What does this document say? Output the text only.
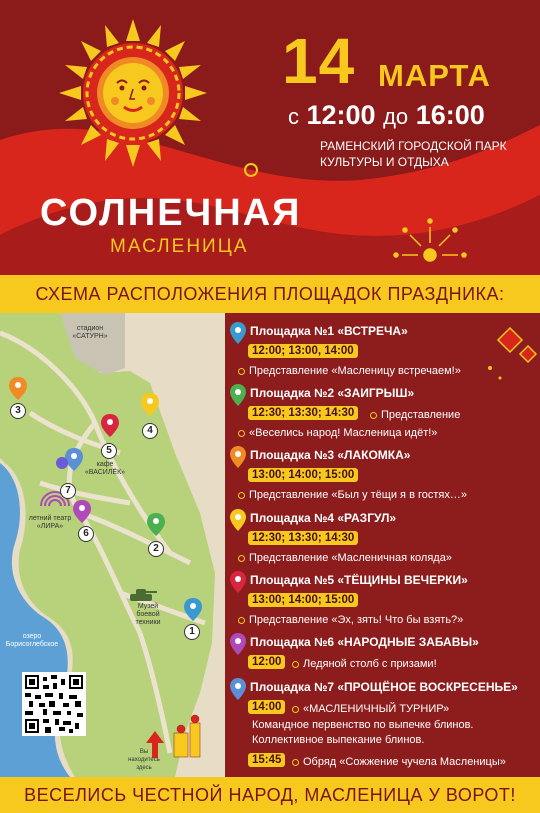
14 МАРТА
с 12:00 до 16:00
РАМЕНСКИЙ ГОРОДСКОЙ ПАРК
КУЛЬТУРЫ И ОТДЫХА
СОЛНЕЧНАЯ
МАСЛЕНИЦА
СХЕМА РАСПОЛОЖЕНИЯ ПЛОЩАДОК ПРАЗДНИКА:
стадион «САТУРН»
кафе «ВАСИЛЁК»
летний театр «ЛИРА»
Музей боевой техники
озеро Борисоглебское
Вы находитесь здесь
3
4
5
7
6
2
1
Площадка №1 «ВСТРЕЧА»
12:00; 13:00, 14:00
Представление «Масленицу встречаем!»
Площадка №2 «ЗАИГРЫШ»
12:30; 13:30; 14:30	Представление
«Веселись народ! Масленица идёт!»
Площадка №3 «ЛАКОМКА»
13:00; 14:00; 15:00
Представление «Был у тёщи я в гостях…»
Площадка №4 «РАЗГУЛ»
12:30; 13:30; 14:30
Представление «Масленичная коляда»
Площадка №5 «ТЁЩИНЫ ВЕЧЕРКИ»
13:00; 14:00; 15:00
Представление «Эх, зять! Что бы взять?»
Площадка №6 «НАРОДНЫЕ ЗАБАВЫ»
12:00	Ледяной столб с призами!
Площадка №7 «ПРОЩЁНОЕ ВОСКРЕСЕНЬЕ»
14:00	«МАСЛЕНИЧНЫЙ ТУРНИР»
Командное первенство по выпечке блинов.
Коллективное выпекание блинов.
15:45	Обряд «Сожжение чучела Масленицы»
ВЕСЕЛИСЬ ЧЕСТНОЙ НАРОД, МАСЛЕНИЦА У ВОРОТ!
